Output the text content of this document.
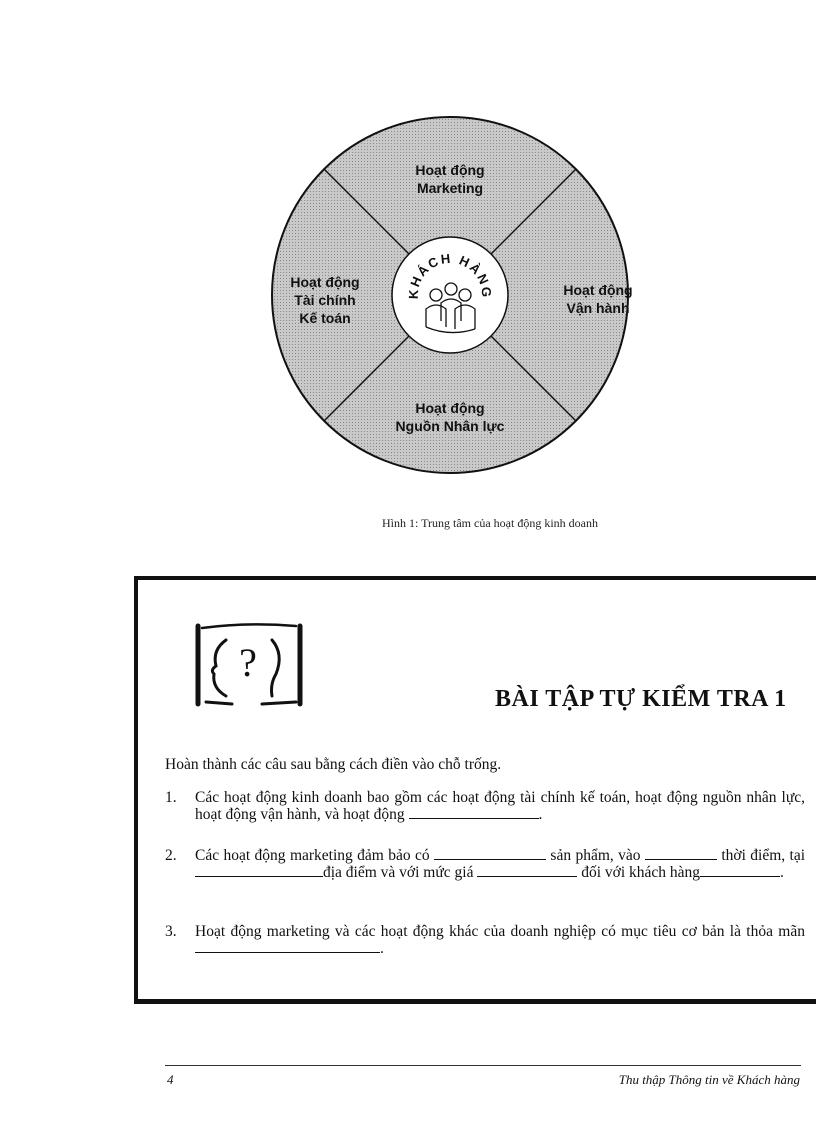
Hoạt động
Marketing
Hoạt động
Vận hành
Hoạt động
Nguồn Nhân lực
Hoạt động
Tài chính
Kế toán
KHÁCH HÀNG
Hình 1: Trung tâm của hoạt động kinh doanh
?
BÀI TẬP TỰ KIỂM TRA 1
Hoàn thành các câu sau bằng cách điền vào chỗ trống.
1. Các hoạt động kinh doanh bao gồm các hoạt động tài chính kế toán, hoạt động nguồn nhân lực, hoạt động vận hành, và hoạt động	.
2. Các hoạt động marketing đảm bảo có	sản phẩm, vào	thời điểm, tại địa điểm và với mức giá	đối với khách hàng	.
3. Hoạt động marketing và các hoạt động khác của doanh nghiệp có mục tiêu cơ bản là thỏa mãn .
4	Thu thập Thông tin về Khách hàng
